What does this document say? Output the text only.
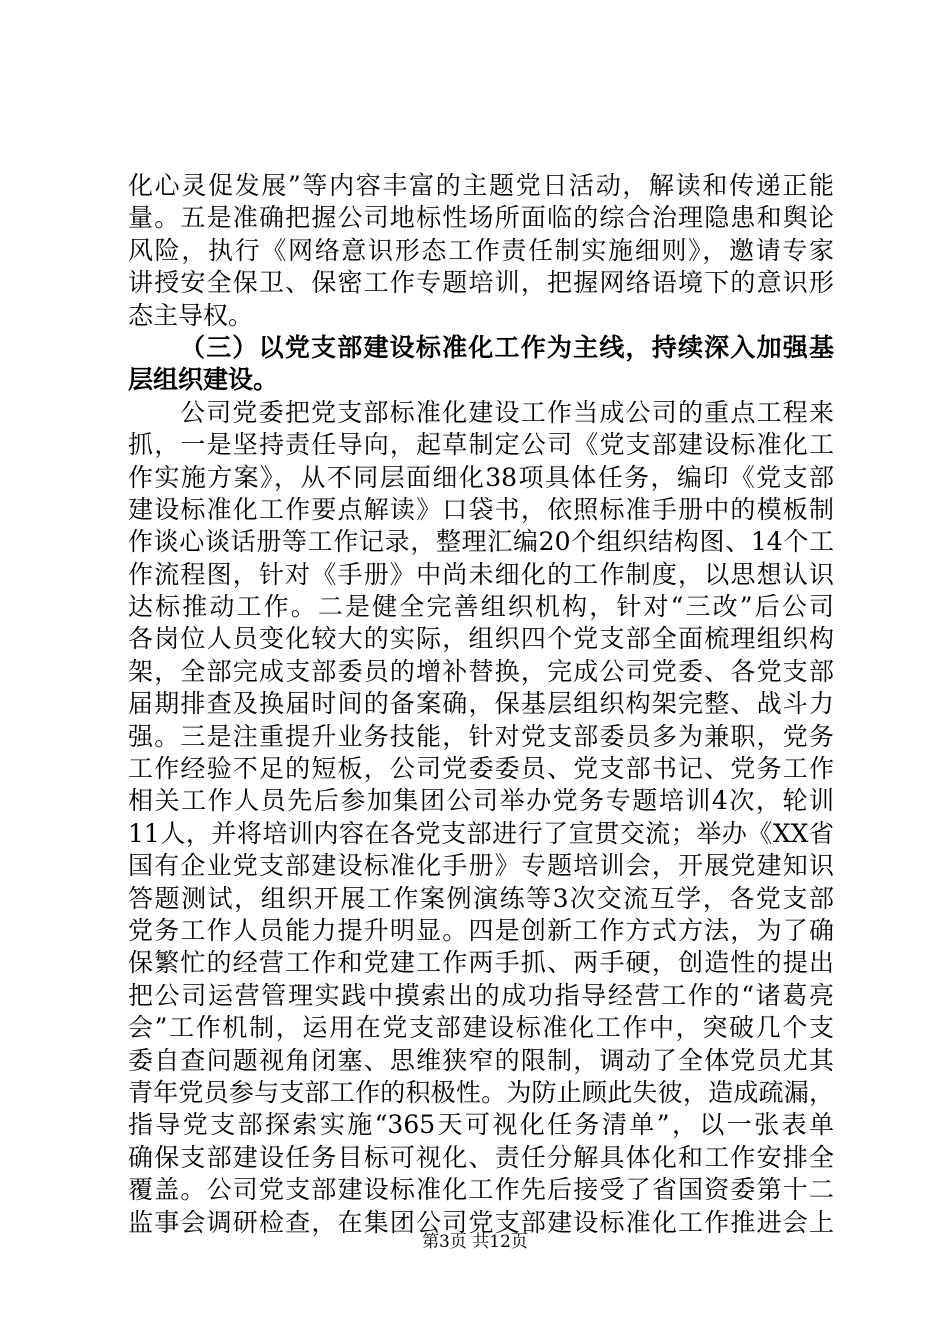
化心灵促发展”等内容丰富的主题党日活动，解读和传递正能
量。五是准确把握公司地标性场所面临的综合治理隐患和舆论
风险，执行《网络意识形态工作责任制实施细则》，邀请专家
讲授安全保卫、保密工作专题培训，把握网络语境下的意识形
态主导权。
（三）以党支部建设标准化工作为主线，持续深入加强基
层组织建设。
公司党委把党支部标准化建设工作当成公司的重点工程来
抓，一是坚持责任导向，起草制定公司《党支部建设标准化工
作实施方案》，从不同层面细化38项具体任务，编印《党支部
建设标准化工作要点解读》口袋书，依照标准手册中的模板制
作谈心谈话册等工作记录，整理汇编20个组织结构图、14个工
作流程图，针对《手册》中尚未细化的工作制度，以思想认识
达标推动工作。二是健全完善组织机构，针对“三改”后公司
各岗位人员变化较大的实际，组织四个党支部全面梳理组织构
架，全部完成支部委员的增补替换，完成公司党委、各党支部
届期排查及换届时间的备案确，保基层组织构架完整、战斗力
强。三是注重提升业务技能，针对党支部委员多为兼职，党务
工作经验不足的短板，公司党委委员、党支部书记、党务工作
相关工作人员先后参加集团公司举办党务专题培训4次，轮训
11人，并将培训内容在各党支部进行了宣贯交流；举办《XX省
国有企业党支部建设标准化手册》专题培训会，开展党建知识
答题测试，组织开展工作案例演练等3次交流互学，各党支部
党务工作人员能力提升明显。四是创新工作方式方法，为了确
保繁忙的经营工作和党建工作两手抓、两手硬，创造性的提出
把公司运营管理实践中摸索出的成功指导经营工作的“诸葛亮
会”工作机制，运用在党支部建设标准化工作中，突破几个支
委自查问题视角闭塞、思维狭窄的限制，调动了全体党员尤其
青年党员参与支部工作的积极性。为防止顾此失彼，造成疏漏，
指导党支部探索实施“365天可视化任务清单”，以一张表单
确保支部建设任务目标可视化、责任分解具体化和工作安排全
覆盖。公司党支部建设标准化工作先后接受了省国资委第十二
监事会调研检查，在集团公司党支部建设标准化工作推进会上
第3页 共12页
